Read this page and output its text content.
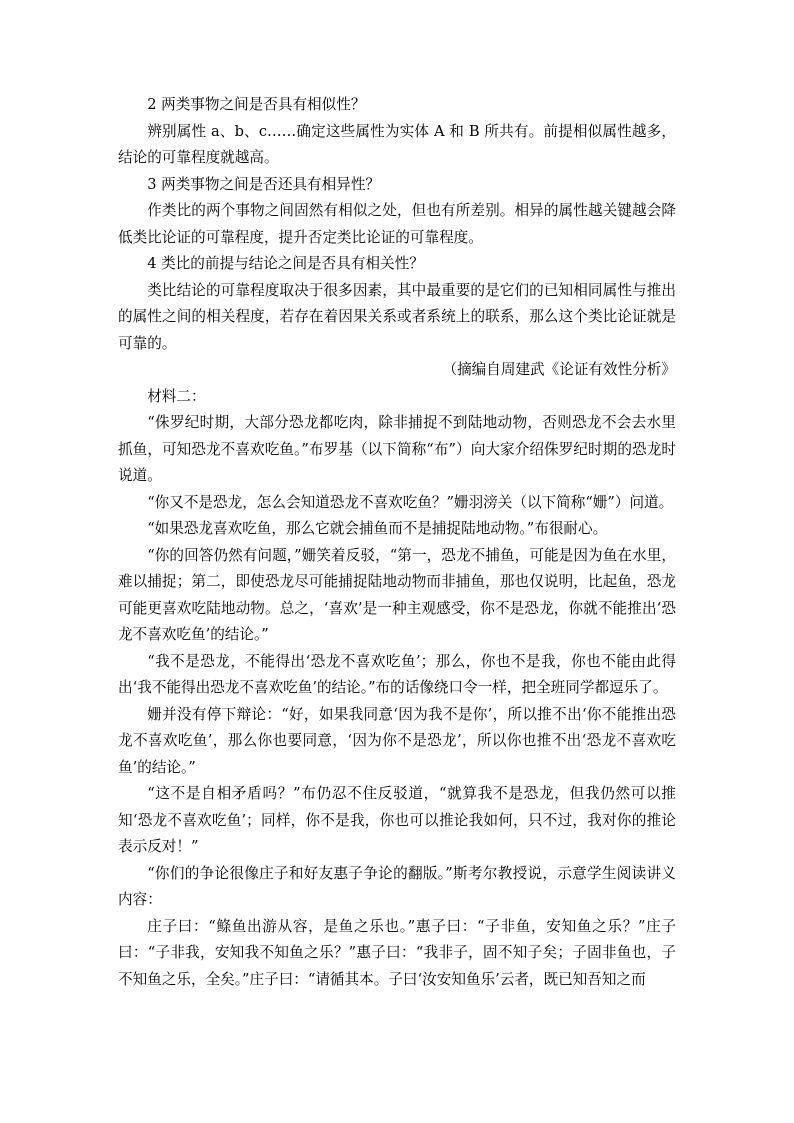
2 两类事物之间是否具有相似性？

辨别属性 a、b、c……确定这些属性为实体 A 和 B 所共有。前提相似属性越多，结论的可靠程度就越高。

3 两类事物之间是否还具有相异性？

作类比的两个事物之间固然有相似之处，但也有所差别。相异的属性越关键越会降低类比论证的可靠程度，提升否定类比论证的可靠程度。

4 类比的前提与结论之间是否具有相关性？

类比结论的可靠程度取决于很多因素，其中最重要的是它们的已知相同属性与推出的属性之间的相关程度，若存在着因果关系或者系统上的联系，那么这个类比论证就是可靠的。

（摘编自周建武《论证有效性分析》

材料二：

“侏罗纪时期，大部分恐龙都吃肉，除非捕捉不到陆地动物，否则恐龙不会去水里抓鱼，可知恐龙不喜欢吃鱼。”布罗基（以下简称“布”）向大家介绍侏罗纪时期的恐龙时说道。

“你又不是恐龙，怎么会知道恐龙不喜欢吃鱼？”姗羽滂关（以下简称“姗”）问道。

“如果恐龙喜欢吃鱼，那么它就会捕鱼而不是捕捉陆地动物。”布很耐心。

“你的回答仍然有问题，”姗笑着反驳，“第一，恐龙不捕鱼，可能是因为鱼在水里，难以捕捉；第二，即使恐龙尽可能捕捉陆地动物而非捕鱼，那也仅说明，比起鱼，恐龙可能更喜欢吃陆地动物。总之，‘喜欢’是一种主观感受，你不是恐龙，你就不能推出‘恐龙不喜欢吃鱼’的结论。”

“我不是恐龙，不能得出‘恐龙不喜欢吃鱼’；那么，你也不是我，你也不能由此得出‘我不能得出恐龙不喜欢吃鱼’的结论。”布的话像绕口令一样，把全班同学都逗乐了。

姗并没有停下辩论：“好，如果我同意‘因为我不是你’，所以推不出‘你不能推出恐龙不喜欢吃鱼’，那么你也要同意，‘因为你不是恐龙’，所以你也推不出‘恐龙不喜欢吃鱼’的结论。”

“这不是自相矛盾吗？”布仍忍不住反驳道，“就算我不是恐龙，但我仍然可以推知‘恐龙不喜欢吃鱼’；同样，你不是我，你也可以推论我如何，只不过，我对你的推论表示反对！”

“你们的争论很像庄子和好友惠子争论的翻版。”斯考尔教授说，示意学生阅读讲义内容：

庄子曰：“鲦鱼出游从容，是鱼之乐也。”惠子曰：“子非鱼，安知鱼之乐？”庄子曰：“子非我，安知我不知鱼之乐？”惠子曰：“我非子，固不知子矣；子固非鱼也，子不知鱼之乐，全矣。”庄子曰：“请循其本。子曰‘汝安知鱼乐’云者，既已知吾知之而
